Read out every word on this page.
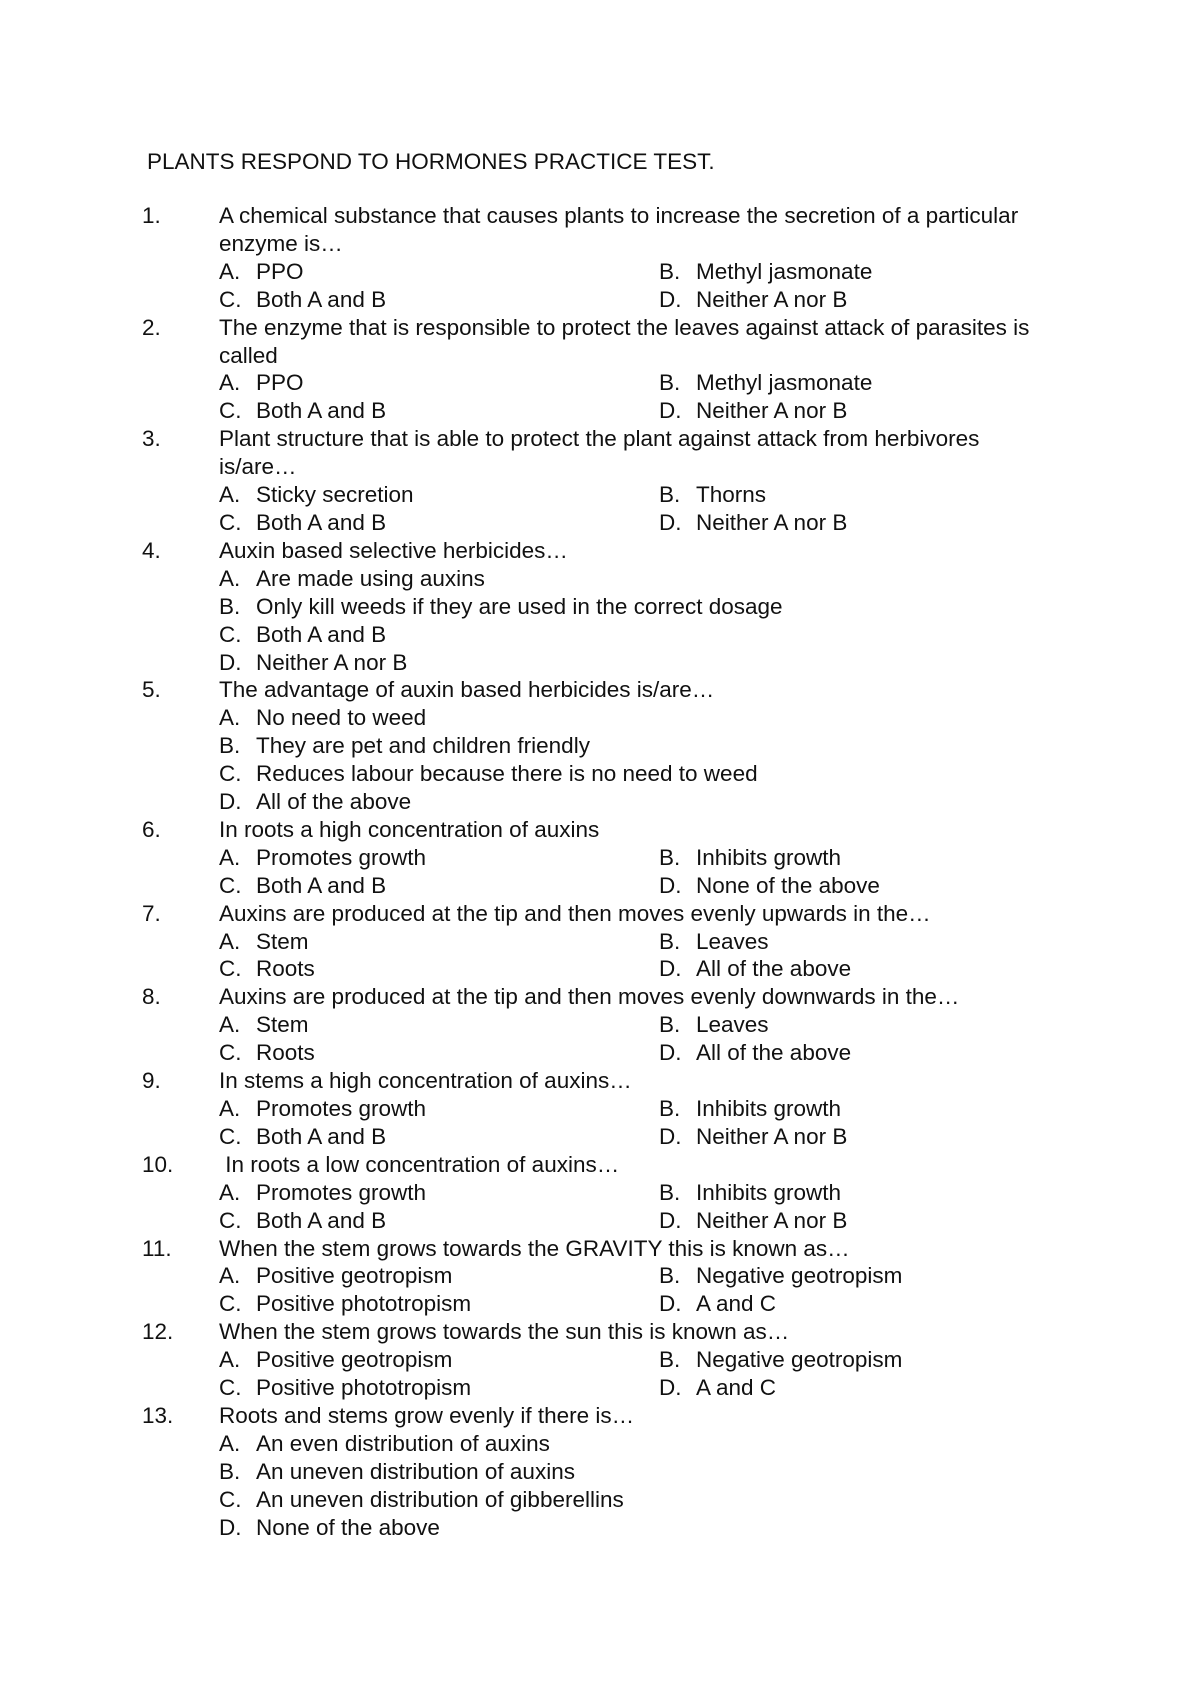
PLANTS RESPOND TO HORMONES PRACTICE TEST.
1.	A chemical substance that causes plants to increase the secretion of a particular enzyme is…
A. PPO	B. Methyl jasmonate
C. Both A and B	D. Neither A nor B
2.	The enzyme that is responsible to protect the leaves against attack of parasites is called
A. PPO	B. Methyl jasmonate
C. Both A and B	D. Neither A nor B
3.	Plant structure that is able to protect the plant against attack from herbivores is/are…
A. Sticky secretion	B. Thorns
C. Both A and B	D. Neither A nor B
4.	Auxin based selective herbicides…
A. Are made using auxins
B. Only kill weeds if they are used in the correct dosage
C. Both A and B
D. Neither A nor B
5.	The advantage of auxin based herbicides is/are…
A. No need to weed
B. They are pet and children friendly
C. Reduces labour because there is no need to weed
D. All of the above
6.	In roots a high concentration of auxins
A. Promotes growth	B. Inhibits growth
C. Both A and B	D. None of the above
7.	Auxins are produced at the tip and then moves evenly upwards in the…
A. Stem	B. Leaves
C. Roots	D. All of the above
8.	Auxins are produced at the tip and then moves evenly downwards in the…
A. Stem	B. Leaves
C. Roots	D. All of the above
9.	In stems a high concentration of auxins…
A. Promotes growth	B. Inhibits growth
C. Both A and B	D. Neither A nor B
10.	In roots a low concentration of auxins…
A. Promotes growth	B. Inhibits growth
C. Both A and B	D. Neither A nor B
11.	When the stem grows towards the GRAVITY this is known as…
A. Positive geotropism	B. Negative geotropism
C. Positive phototropism	D. A and C
12.	When the stem grows towards the sun this is known as…
A. Positive geotropism	B. Negative geotropism
C. Positive phototropism	D. A and C
13.	Roots and stems grow evenly if there is…
A. An even distribution of auxins
B. An uneven distribution of auxins
C. An uneven distribution of gibberellins
D. None of the above
